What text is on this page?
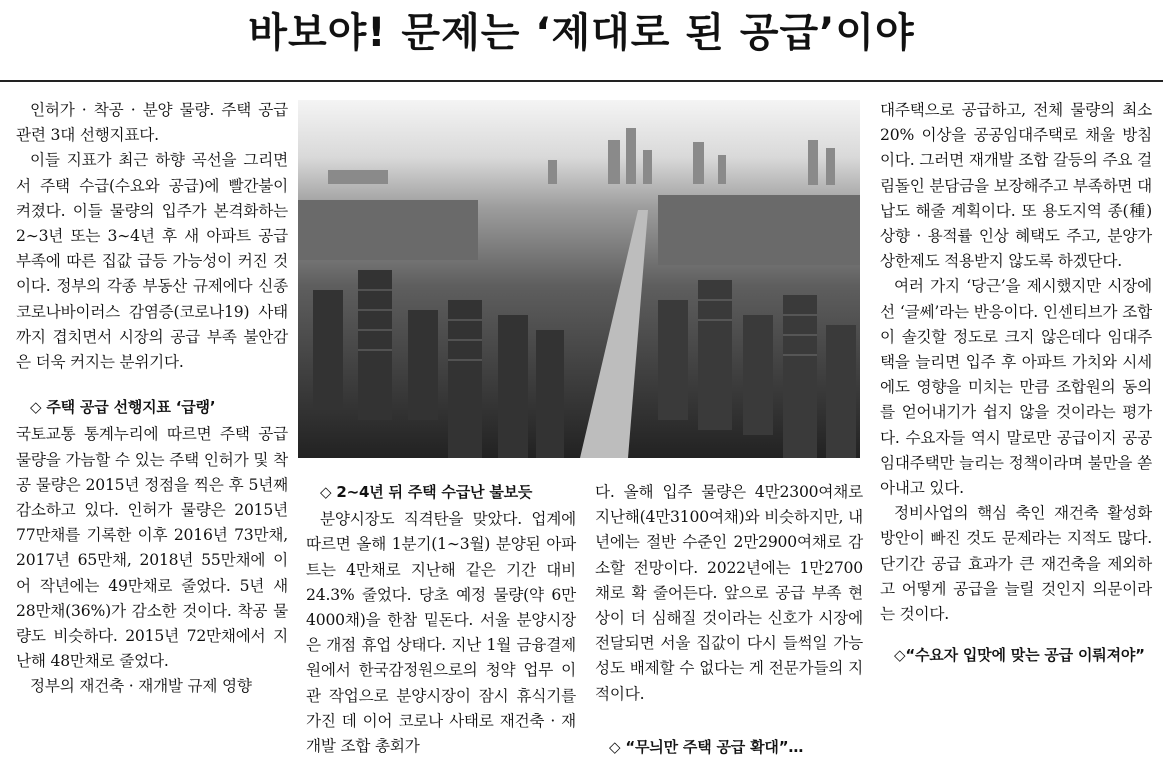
바보야! 문제는 ‘제대로 된 공급’이야

인허가 · 착공 · 분양 물량. 주택 공급 관련 3대 선행지표다.

이들 지표가 최근 하향 곡선을 그리면서 주택 수급(수요와 공급)에 빨간불이 켜졌다. 이들 물량의 입주가 본격화하는 2∼3년 또는 3∼4년 후 새 아파트 공급 부족에 따른 집값 급등 가능성이 커진 것이다. 정부의 각종 부동산 규제에다 신종 코로나바이러스 감염증(코로나19) 사태까지 겹치면서 시장의 공급 부족 불안감은 더욱 커지는 분위기다.

◇ 주택 공급 선행지표 ‘급랭’

국토교통 통계누리에 따르면 주택 공급 물량을 가늠할 수 있는 주택 인허가 및 착공 물량은 2015년 정점을 찍은 후 5년째 감소하고 있다. 인허가 물량은 2015년 77만채를 기록한 이후 2016년 73만채, 2017년 65만채, 2018년 55만채에 이어 작년에는 49만채로 줄었다. 5년 새 28만채(36%)가 감소한 것이다. 착공 물량도 비슷하다. 2015년 72만채에서 지난해 48만채로 줄었다.

정부의 재건축 · 재개발 규제 영향

◇ 2∼4년 뒤 주택 수급난 불보듯

분양시장도 직격탄을 맞았다. 업계에 따르면 올해 1분기(1∼3월) 분양된 아파트는 4만채로 지난해 같은 기간 대비 24.3% 줄었다. 당초 예정 물량(약 6만4000채)을 한참 밑돈다. 서울 분양시장은 개점 휴업 상태다. 지난 1월 금융결제원에서 한국감정원으로의 청약 업무 이관 작업으로 분양시장이 잠시 휴식기를 가진 데 이어 코로나 사태로 재건축 · 재개발 조합 총회가

다. 올해 입주 물량은 4만2300여채로 지난해(4만3100여채)와 비슷하지만, 내년에는 절반 수준인 2만2900여채로 감소할 전망이다. 2022년에는 1만2700채로 확 줄어든다. 앞으로 공급 부족 현상이 더 심해질 것이라는 신호가 시장에 전달되면 서울 집값이 다시 들썩일 가능성도 배제할 수 없다는 게 전문가들의 지적이다.

◇ “무늬만 주택 공급 확대”…

대주택으로 공급하고, 전체 물량의 최소 20% 이상을 공공임대주택로 채울 방침이다. 그러면 재개발 조합 갈등의 주요 걸림돌인 분담금을 보장해주고 부족하면 대납도 해줄 계획이다. 또 용도지역 종(種) 상향 · 용적률 인상 혜택도 주고, 분양가상한제도 적용받지 않도록 하겠단다.

여러 가지 ‘당근’을 제시했지만 시장에선 ‘글쎄’라는 반응이다. 인센티브가 조합이 솔깃할 정도로 크지 않은데다 임대주택을 늘리면 입주 후 아파트 가치와 시세에도 영향을 미치는 만큼 조합원의 동의를 얻어내기가 쉽지 않을 것이라는 평가다. 수요자들 역시 말로만 공급이지 공공 임대주택만 늘리는 정책이라며 불만을 쏟아내고 있다.

정비사업의 핵심 축인 재건축 활성화 방안이 빠진 것도 문제라는 지적도 많다. 단기간 공급 효과가 큰 재건축을 제외하고 어떻게 공급을 늘릴 것인지 의문이라는 것이다.

◇“수요자 입맛에 맞는 공급 이뤄져야”
